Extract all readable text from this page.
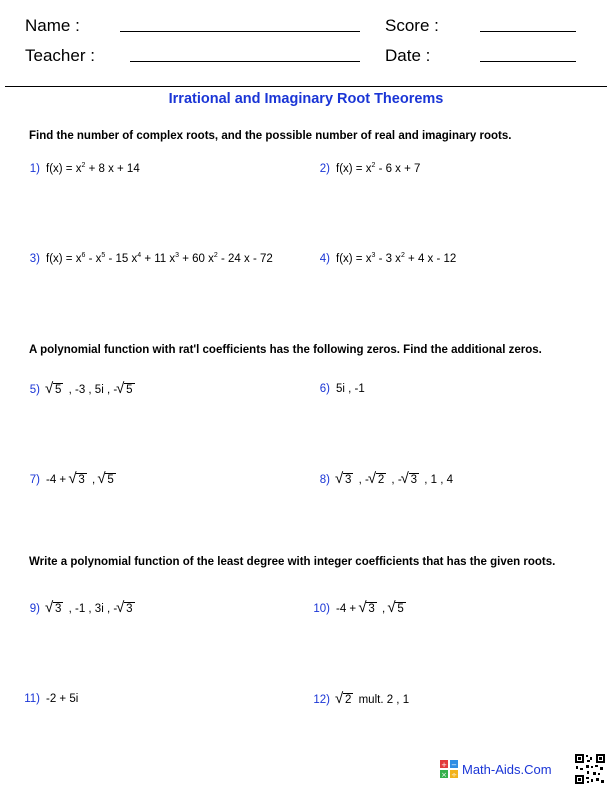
Name :	Score :
Teacher :	Date :
Irrational and Imaginary Root Theorems
Find the number of complex roots, and the possible number of real and imaginary roots.
1) $f(x) = x^2 + 8$ x + 14	2) $f(x) = x^2 - 6$ x + 7
3) $f(x) = x^6 - x^5 - 15$ $x^4 + 11$ $x^3 + 60$ $x^2 - 24$ x - 72	4) $f(x) = x^3 - 3$ $x^2 + 4$ x - 12
A polynomial function with rat'l coefficients has the following zeros. Find the additional zeros.
5) √ 5 , -3 , 5i , - √ 5	6) 5i , -1
7) -4 + √ 3 , √ 5	8) √ 3 , - √ 2 , - √ 3 , 1 , 4
Write a polynomial function of the least degree with integer coefficients that has the given roots.
9) √ 3 , -1 , 3i , - √ 3	10) -4 + √ 3 , √ 5
11) -2 + 5i	12) √ 2 mult. 2 , 1
+ −
× ÷ Math-Aids.Com
